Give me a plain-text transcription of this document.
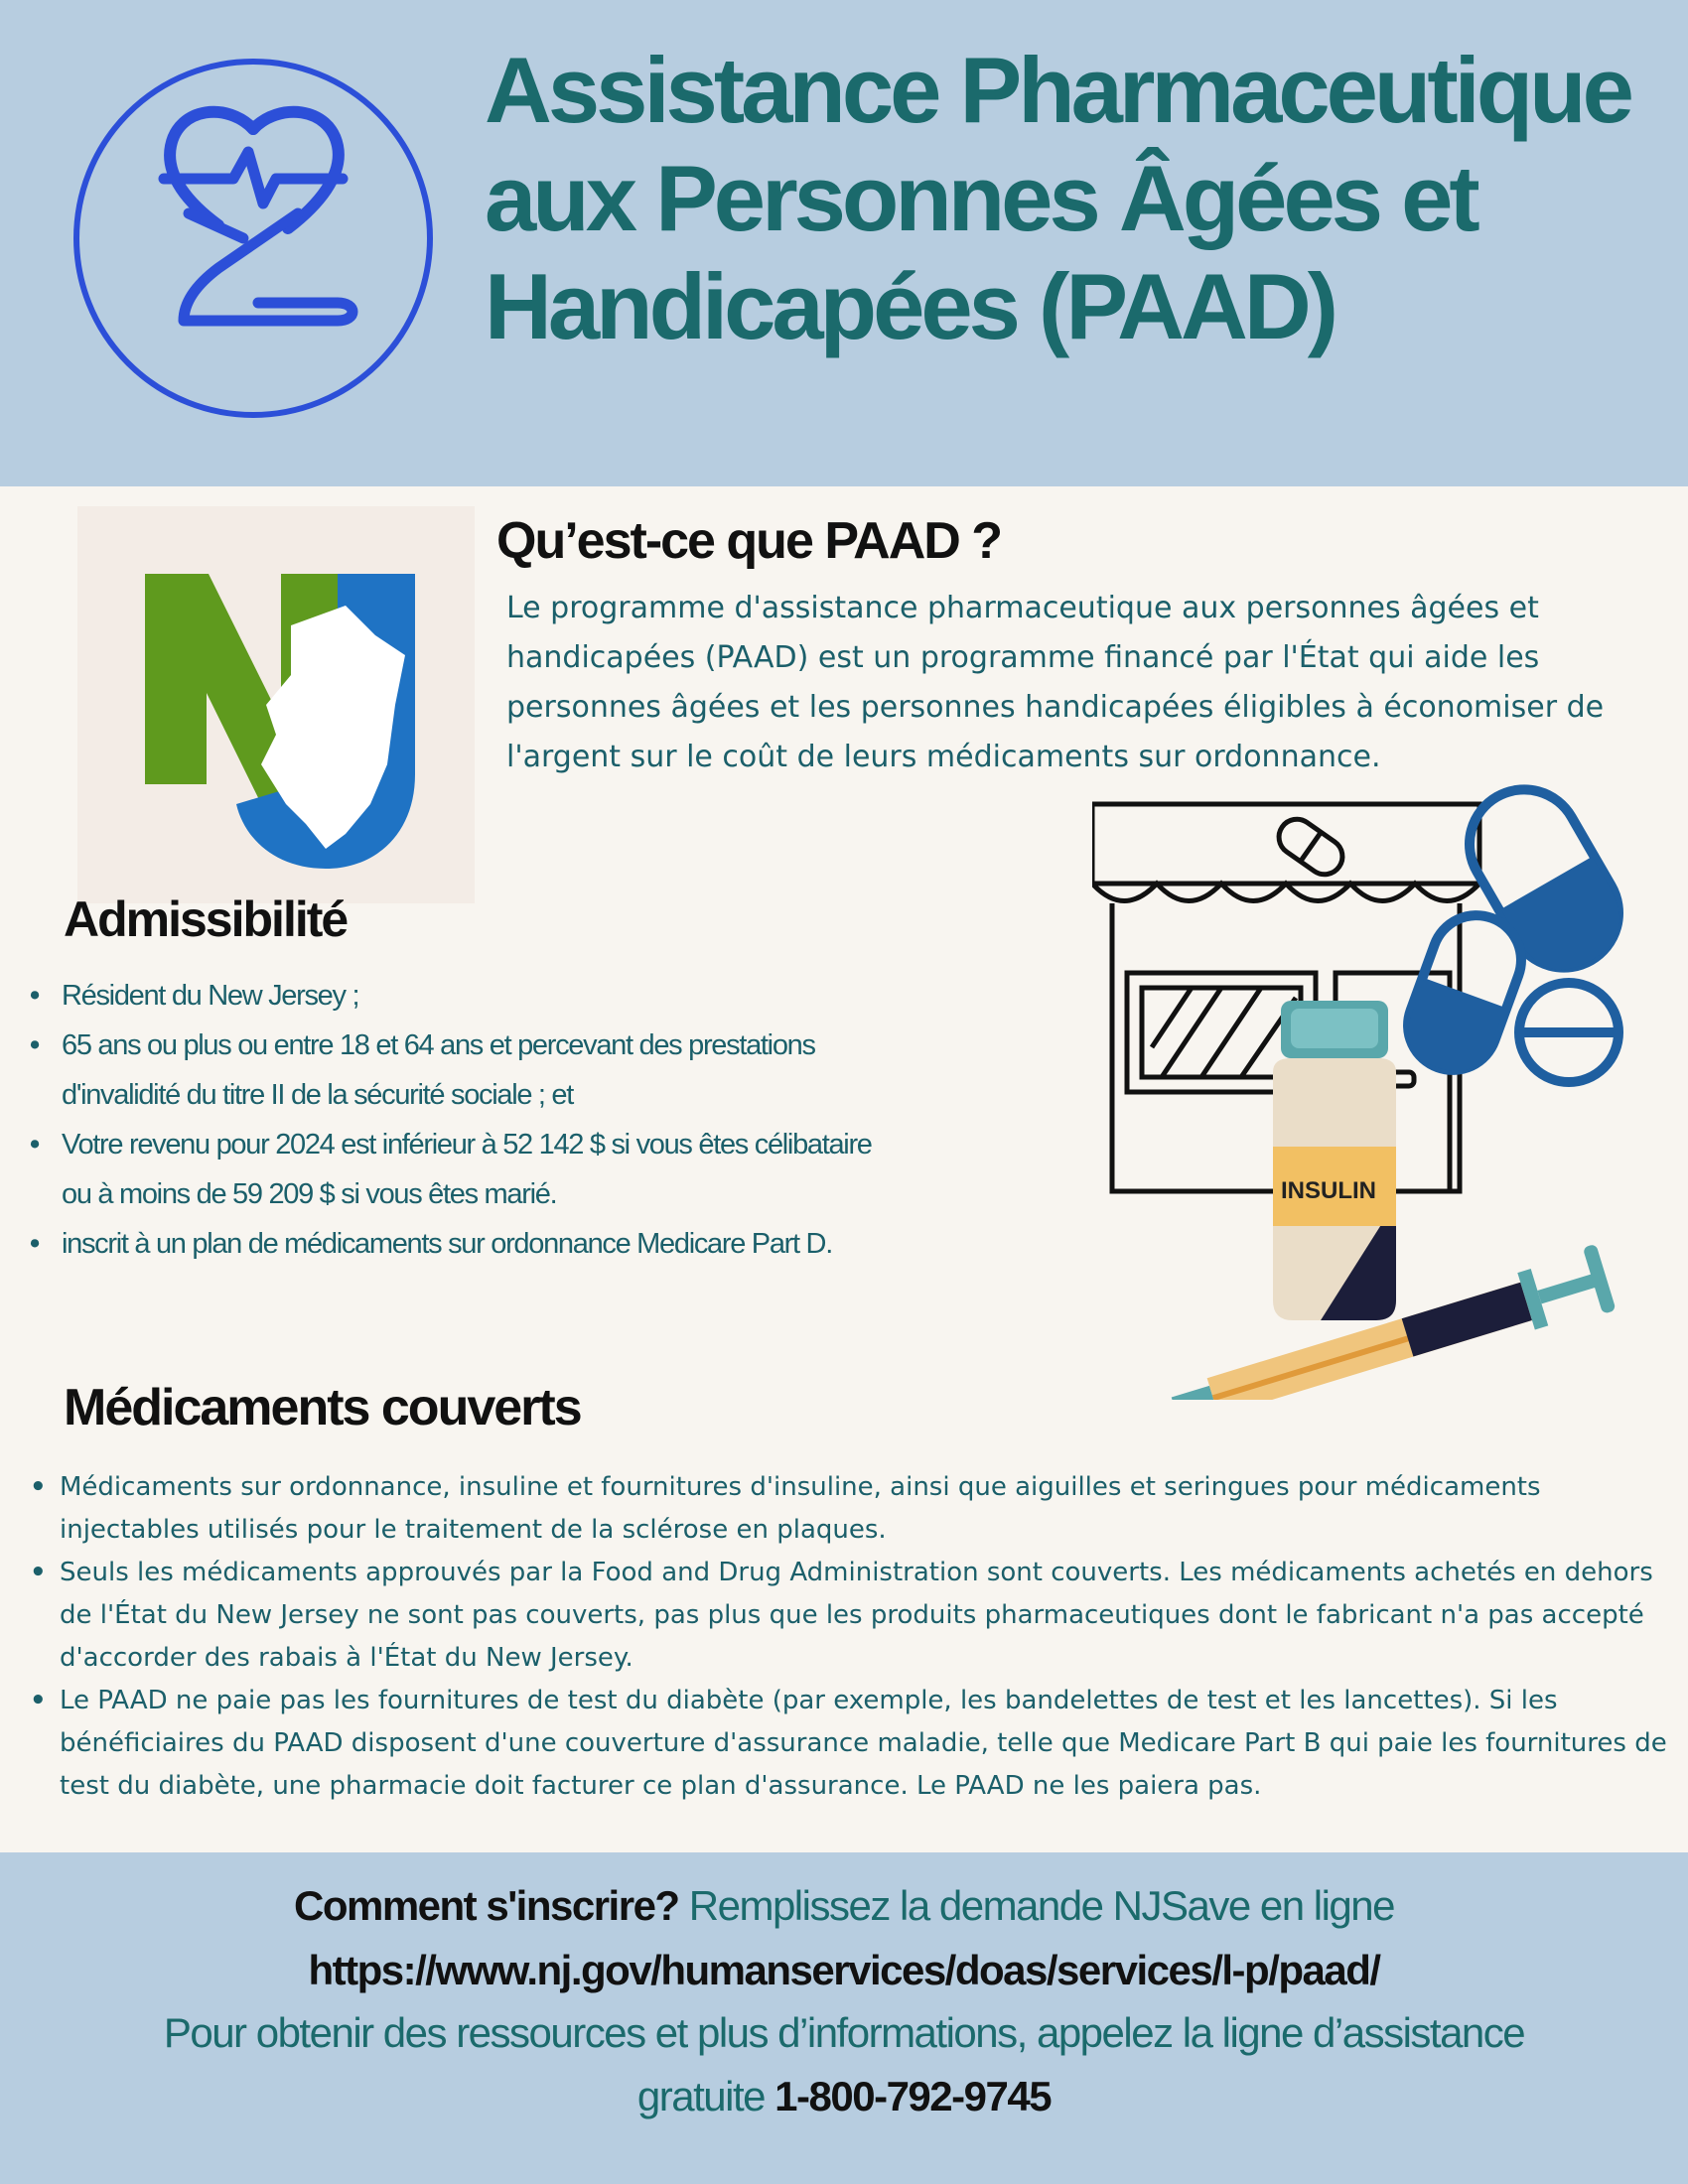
Assistance Pharmaceutique aux Personnes Âgées et Handicapées (PAAD)
Qu’est-ce que PAAD ?

Le programme d'assistance pharmaceutique aux personnes âgées et handicapées (PAAD) est un programme financé par l'État qui aide les personnes âgées et les personnes handicapées éligibles à économiser de l'argent sur le coût de leurs médicaments sur ordonnance.

Admissibilité
• Résident du New Jersey ;
• 65 ans ou plus ou entre 18 et 64 ans et percevant des prestations d'invalidité du titre II de la sécurité sociale ; et
• Votre revenu pour 2024 est inférieur à 52 142 $ si vous êtes célibataire ou à moins de 59 209 $ si vous êtes marié.
• inscrit à un plan de médicaments sur ordonnance Medicare Part D.
INSULIN
Médicaments couverts
• Médicaments sur ordonnance, insuline et fournitures d'insuline, ainsi que aiguilles et seringues pour médicaments injectables utilisés pour le traitement de la sclérose en plaques.
• Seuls les médicaments approuvés par la Food and Drug Administration sont couverts. Les médicaments achetés en dehors de l'État du New Jersey ne sont pas couverts, pas plus que les produits pharmaceutiques dont le fabricant n'a pas accepté d'accorder des rabais à l'État du New Jersey.
• Le PAAD ne paie pas les fournitures de test du diabète (par exemple, les bandelettes de test et les lancettes). Si les bénéficiaires du PAAD disposent d'une couverture d'assurance maladie, telle que Medicare Part B qui paie les fournitures de test du diabète, une pharmacie doit facturer ce plan d'assurance. Le PAAD ne les paiera pas.
Comment s'inscrire? Remplissez la demande NJSave en ligne
https://www.nj.gov/humanservices/doas/services/l-p/paad/
Pour obtenir des ressources et plus d’informations, appelez la ligne d’assistance
gratuite 1-800-792-9745
